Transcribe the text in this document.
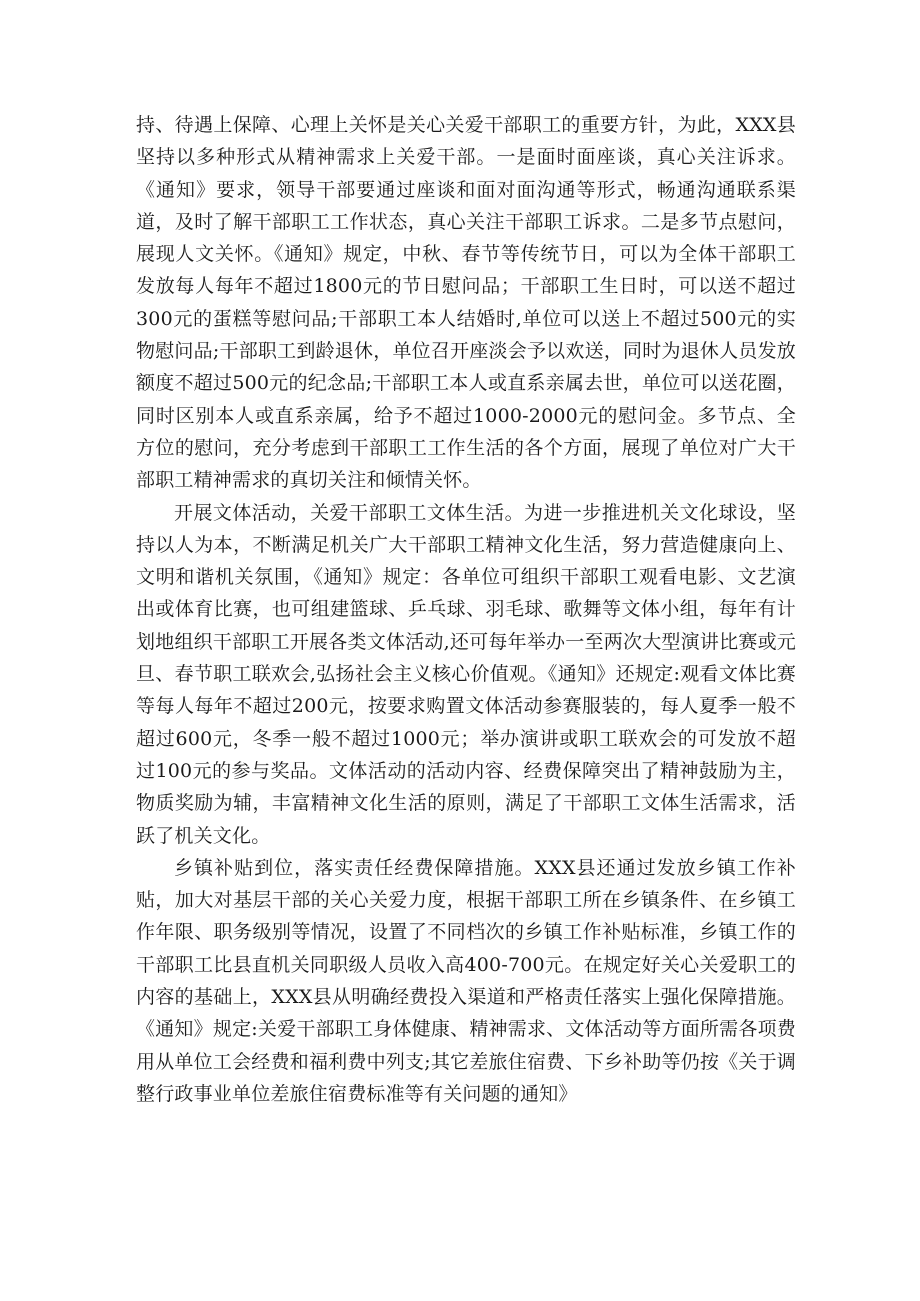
持、待遇上保障、心理上关怀是关心关爱干部职工的重要方针，为此，XXX县坚持以多种形式从精神需求上关爱干部。一是面时面座谈，真心关注诉求。《通知》要求，领导干部要通过座谈和面对面沟通等形式，畅通沟通联系渠道，及时了解干部职工工作状态，真心关注干部职工诉求。二是多节点慰问，展现人文关怀。《通知》规定，中秋、春节等传统节日，可以为全体干部职工发放每人每年不超过1800元的节日慰问品；干部职工生日时，可以送不超过300元的蛋糕等慰问品;干部职工本人结婚时,单位可以送上不超过500元的实物慰问品;干部职工到龄退休，单位召开座淡会予以欢送，同时为退休人员发放额度不超过500元的纪念品;干部职工本人或直系亲属去世，单位可以送花圈，同时区别本人或直系亲属，给予不超过1000-2000元的慰问金。多节点、全方位的慰问，充分考虑到干部职工工作生活的各个方面，展现了单位对广大干部职工精神需求的真切关注和倾情关怀。

开展文体活动，关爱干部职工文体生活。为进一步推进机关文化球设，坚持以人为本，不断满足机关广大干部职工精神文化生活，努力营造健康向上、文明和谐机关氛围，《通知》规定：各单位可组织干部职工观看电影、文艺演出或体育比赛，也可组建篮球、乒乓球、羽毛球、歌舞等文体小组，每年有计划地组织干部职工开展各类文体活动,还可每年举办一至两次大型演讲比赛或元旦、春节职工联欢会,弘扬社会主义核心价值观。《通知》还规定:观看文体比赛等每人每年不超过200元，按要求购置文体活动参赛服装的，每人夏季一般不超过600元，冬季一般不超过1000元；举办演讲或职工联欢会的可发放不超过100元的参与奖品。文体活动的活动内容、经费保障突出了精神鼓励为主，物质奖励为辅，丰富精神文化生活的原则，满足了干部职工文体生活需求，活跃了机关文化。

乡镇补贴到位，落实责任经费保障措施。XXX县还通过发放乡镇工作补贴，加大对基层干部的关心关爱力度，根据干部职工所在乡镇条件、在乡镇工作年限、职务级别等情况，设置了不同档次的乡镇工作补贴标准，乡镇工作的干部职工比县直机关同职级人员收入高400-700元。在规定好关心关爱职工的内容的基础上，XXX县从明确经费投入渠道和严格责任落实上强化保障措施。《通知》规定:关爱干部职工身体健康、精神需求、文体活动等方面所需各项费用从单位工会经费和福利费中列支;其它差旅住宿费、下乡补助等仍按《关于调整行政事业单位差旅住宿费标准等有关问题的通知》
